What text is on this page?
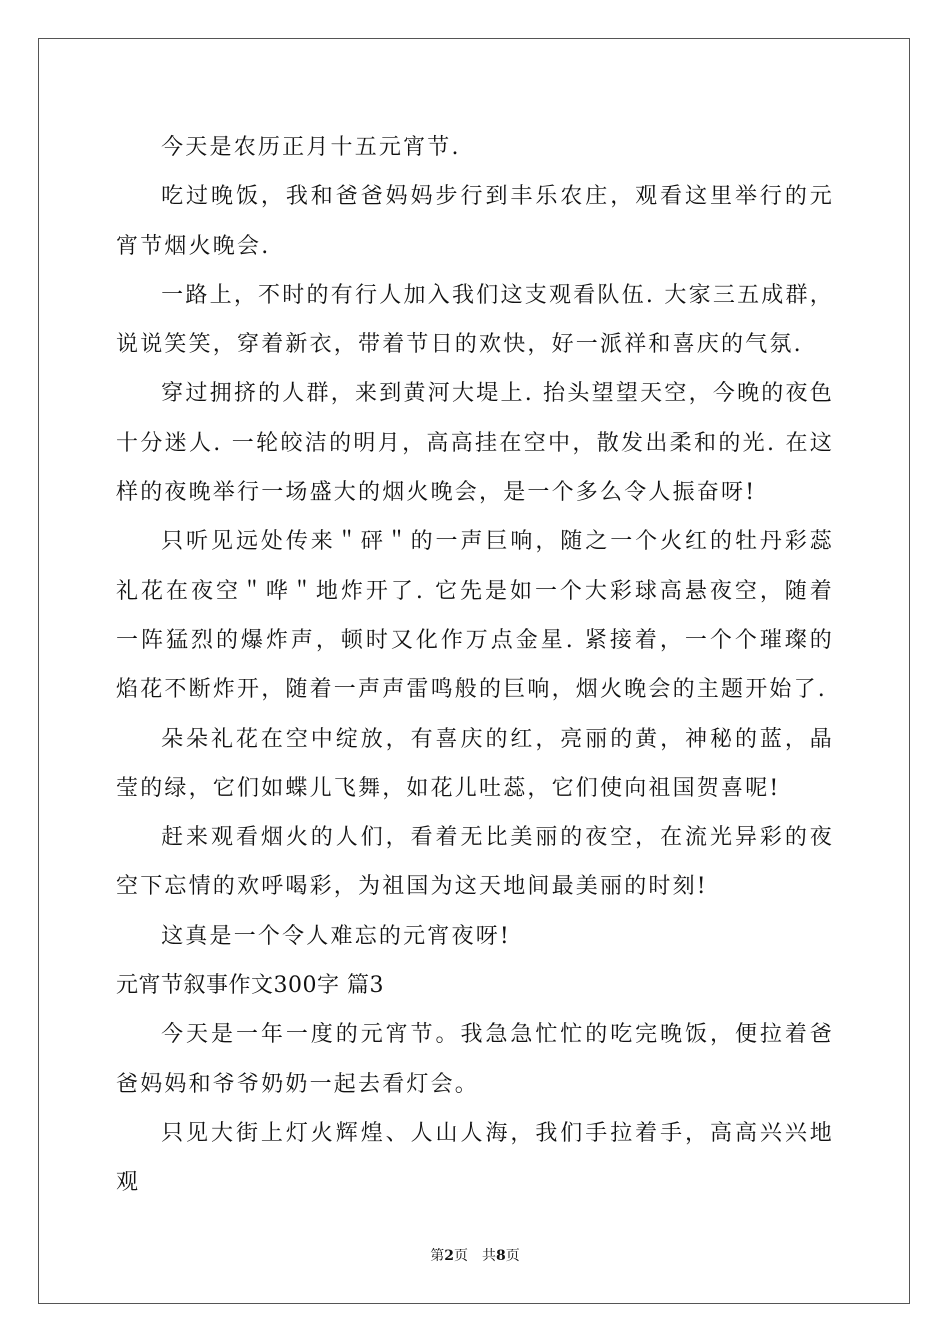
今天是农历正月十五元宵节.

吃过晚饭，我和爸爸妈妈步行到丰乐农庄，观看这里举行的元宵节烟火晚会.

一路上，不时的有行人加入我们这支观看队伍. 大家三五成群，说说笑笑，穿着新衣，带着节日的欢快，好一派祥和喜庆的气氛.

穿过拥挤的人群，来到黄河大堤上. 抬头望望天空，今晚的夜色十分迷人. 一轮皎洁的明月，高高挂在空中，散发出柔和的光. 在这样的夜晚举行一场盛大的烟火晚会，是一个多么令人振奋呀!

只听见远处传来＂砰＂的一声巨响，随之一个火红的牡丹彩蕊礼花在夜空＂哗＂地炸开了. 它先是如一个大彩球高悬夜空，随着一阵猛烈的爆炸声，顿时又化作万点金星. 紧接着，一个个璀璨的焰花不断炸开，随着一声声雷鸣般的巨响，烟火晚会的主题开始了.

朵朵礼花在空中绽放，有喜庆的红，亮丽的黄，神秘的蓝，晶莹的绿，它们如蝶儿飞舞，如花儿吐蕊，它们使向祖国贺喜呢!

赶来观看烟火的人们，看着无比美丽的夜空，在流光异彩的夜空下忘情的欢呼喝彩，为祖国为这天地间最美丽的时刻!

这真是一个令人难忘的元宵夜呀!

元宵节叙事作文300字 篇3

今天是一年一度的元宵节。我急急忙忙的吃完晚饭，便拉着爸爸妈妈和爷爷奶奶一起去看灯会。

只见大街上灯火辉煌、人山人海，我们手拉着手，高高兴兴地观

第2页　共8页
